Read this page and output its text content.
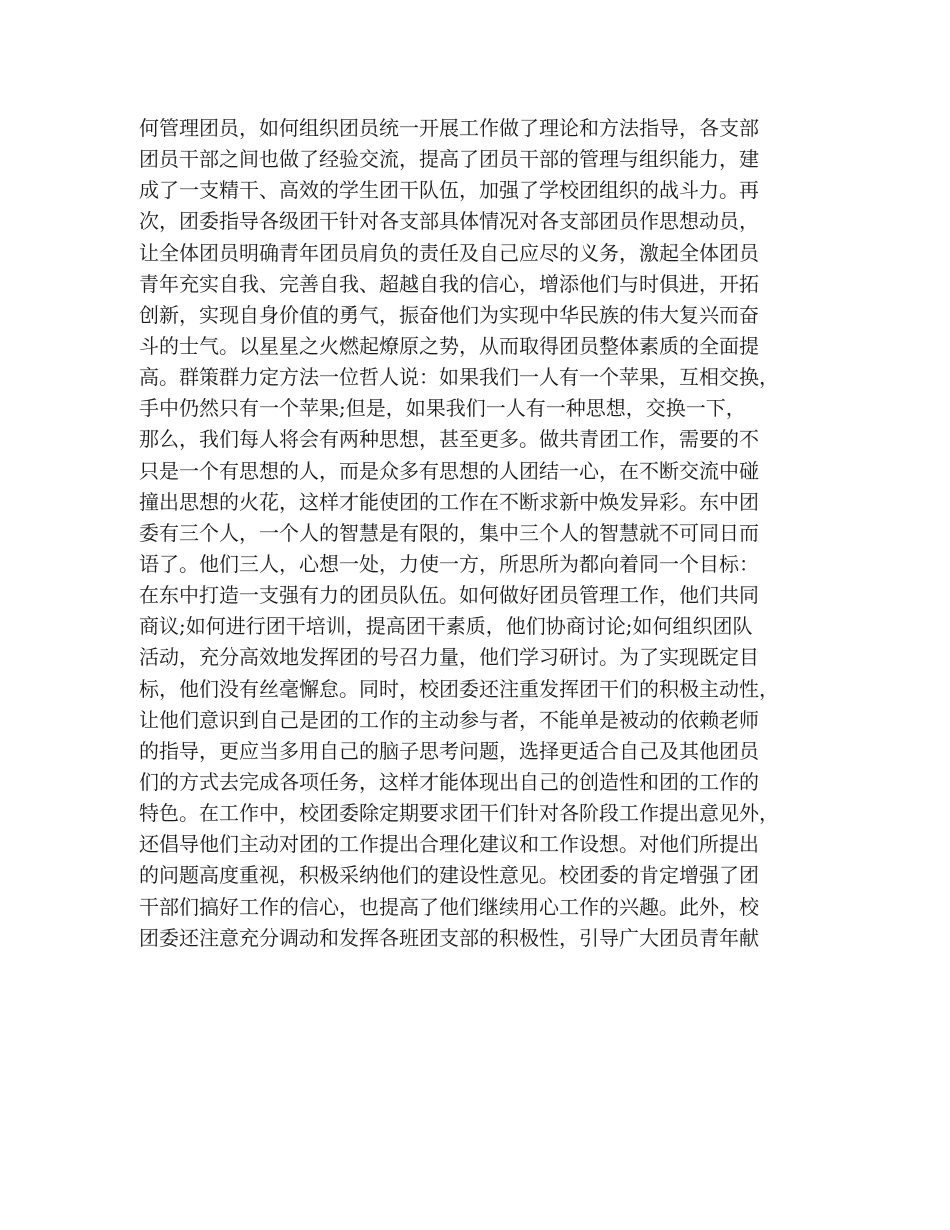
何管理团员，如何组织团员统一开展工作做了理论和方法指导，各支部
团员干部之间也做了经验交流，提高了团员干部的管理与组织能力，建
成了一支精干、高效的学生团干队伍，加强了学校团组织的战斗力。再
次，团委指导各级团干针对各支部具体情况对各支部团员作思想动员，
让全体团员明确青年团员肩负的责任及自己应尽的义务，激起全体团员
青年充实自我、完善自我、超越自我的信心，增添他们与时俱进，开拓
创新，实现自身价值的勇气，振奋他们为实现中华民族的伟大复兴而奋
斗的士气。以星星之火燃起燎原之势，从而取得团员整体素质的全面提
高。群策群力定方法一位哲人说：如果我们一人有一个苹果，互相交换，
手中仍然只有一个苹果;但是，如果我们一人有一种思想，交换一下，
那么，我们每人将会有两种思想，甚至更多。做共青团工作，需要的不
只是一个有思想的人，而是众多有思想的人团结一心，在不断交流中碰
撞出思想的火花，这样才能使团的工作在不断求新中焕发异彩。东中团
委有三个人，一个人的智慧是有限的，集中三个人的智慧就不可同日而
语了。他们三人，心想一处，力使一方，所思所为都向着同一个目标：
在东中打造一支强有力的团员队伍。如何做好团员管理工作，他们共同
商议;如何进行团干培训，提高团干素质，他们协商讨论;如何组织团队
活动，充分高效地发挥团的号召力量，他们学习研讨。为了实现既定目
标，他们没有丝毫懈怠。同时，校团委还注重发挥团干们的积极主动性，
让他们意识到自己是团的工作的主动参与者，不能单是被动的依赖老师
的指导，更应当多用自己的脑子思考问题，选择更适合自己及其他团员
们的方式去完成各项任务，这样才能体现出自己的创造性和团的工作的
特色。在工作中，校团委除定期要求团干们针对各阶段工作提出意见外，
还倡导他们主动对团的工作提出合理化建议和工作设想。对他们所提出
的问题高度重视，积极采纳他们的建设性意见。校团委的肯定增强了团
干部们搞好工作的信心，也提高了他们继续用心工作的兴趣。此外，校
团委还注意充分调动和发挥各班团支部的积极性，引导广大团员青年献
